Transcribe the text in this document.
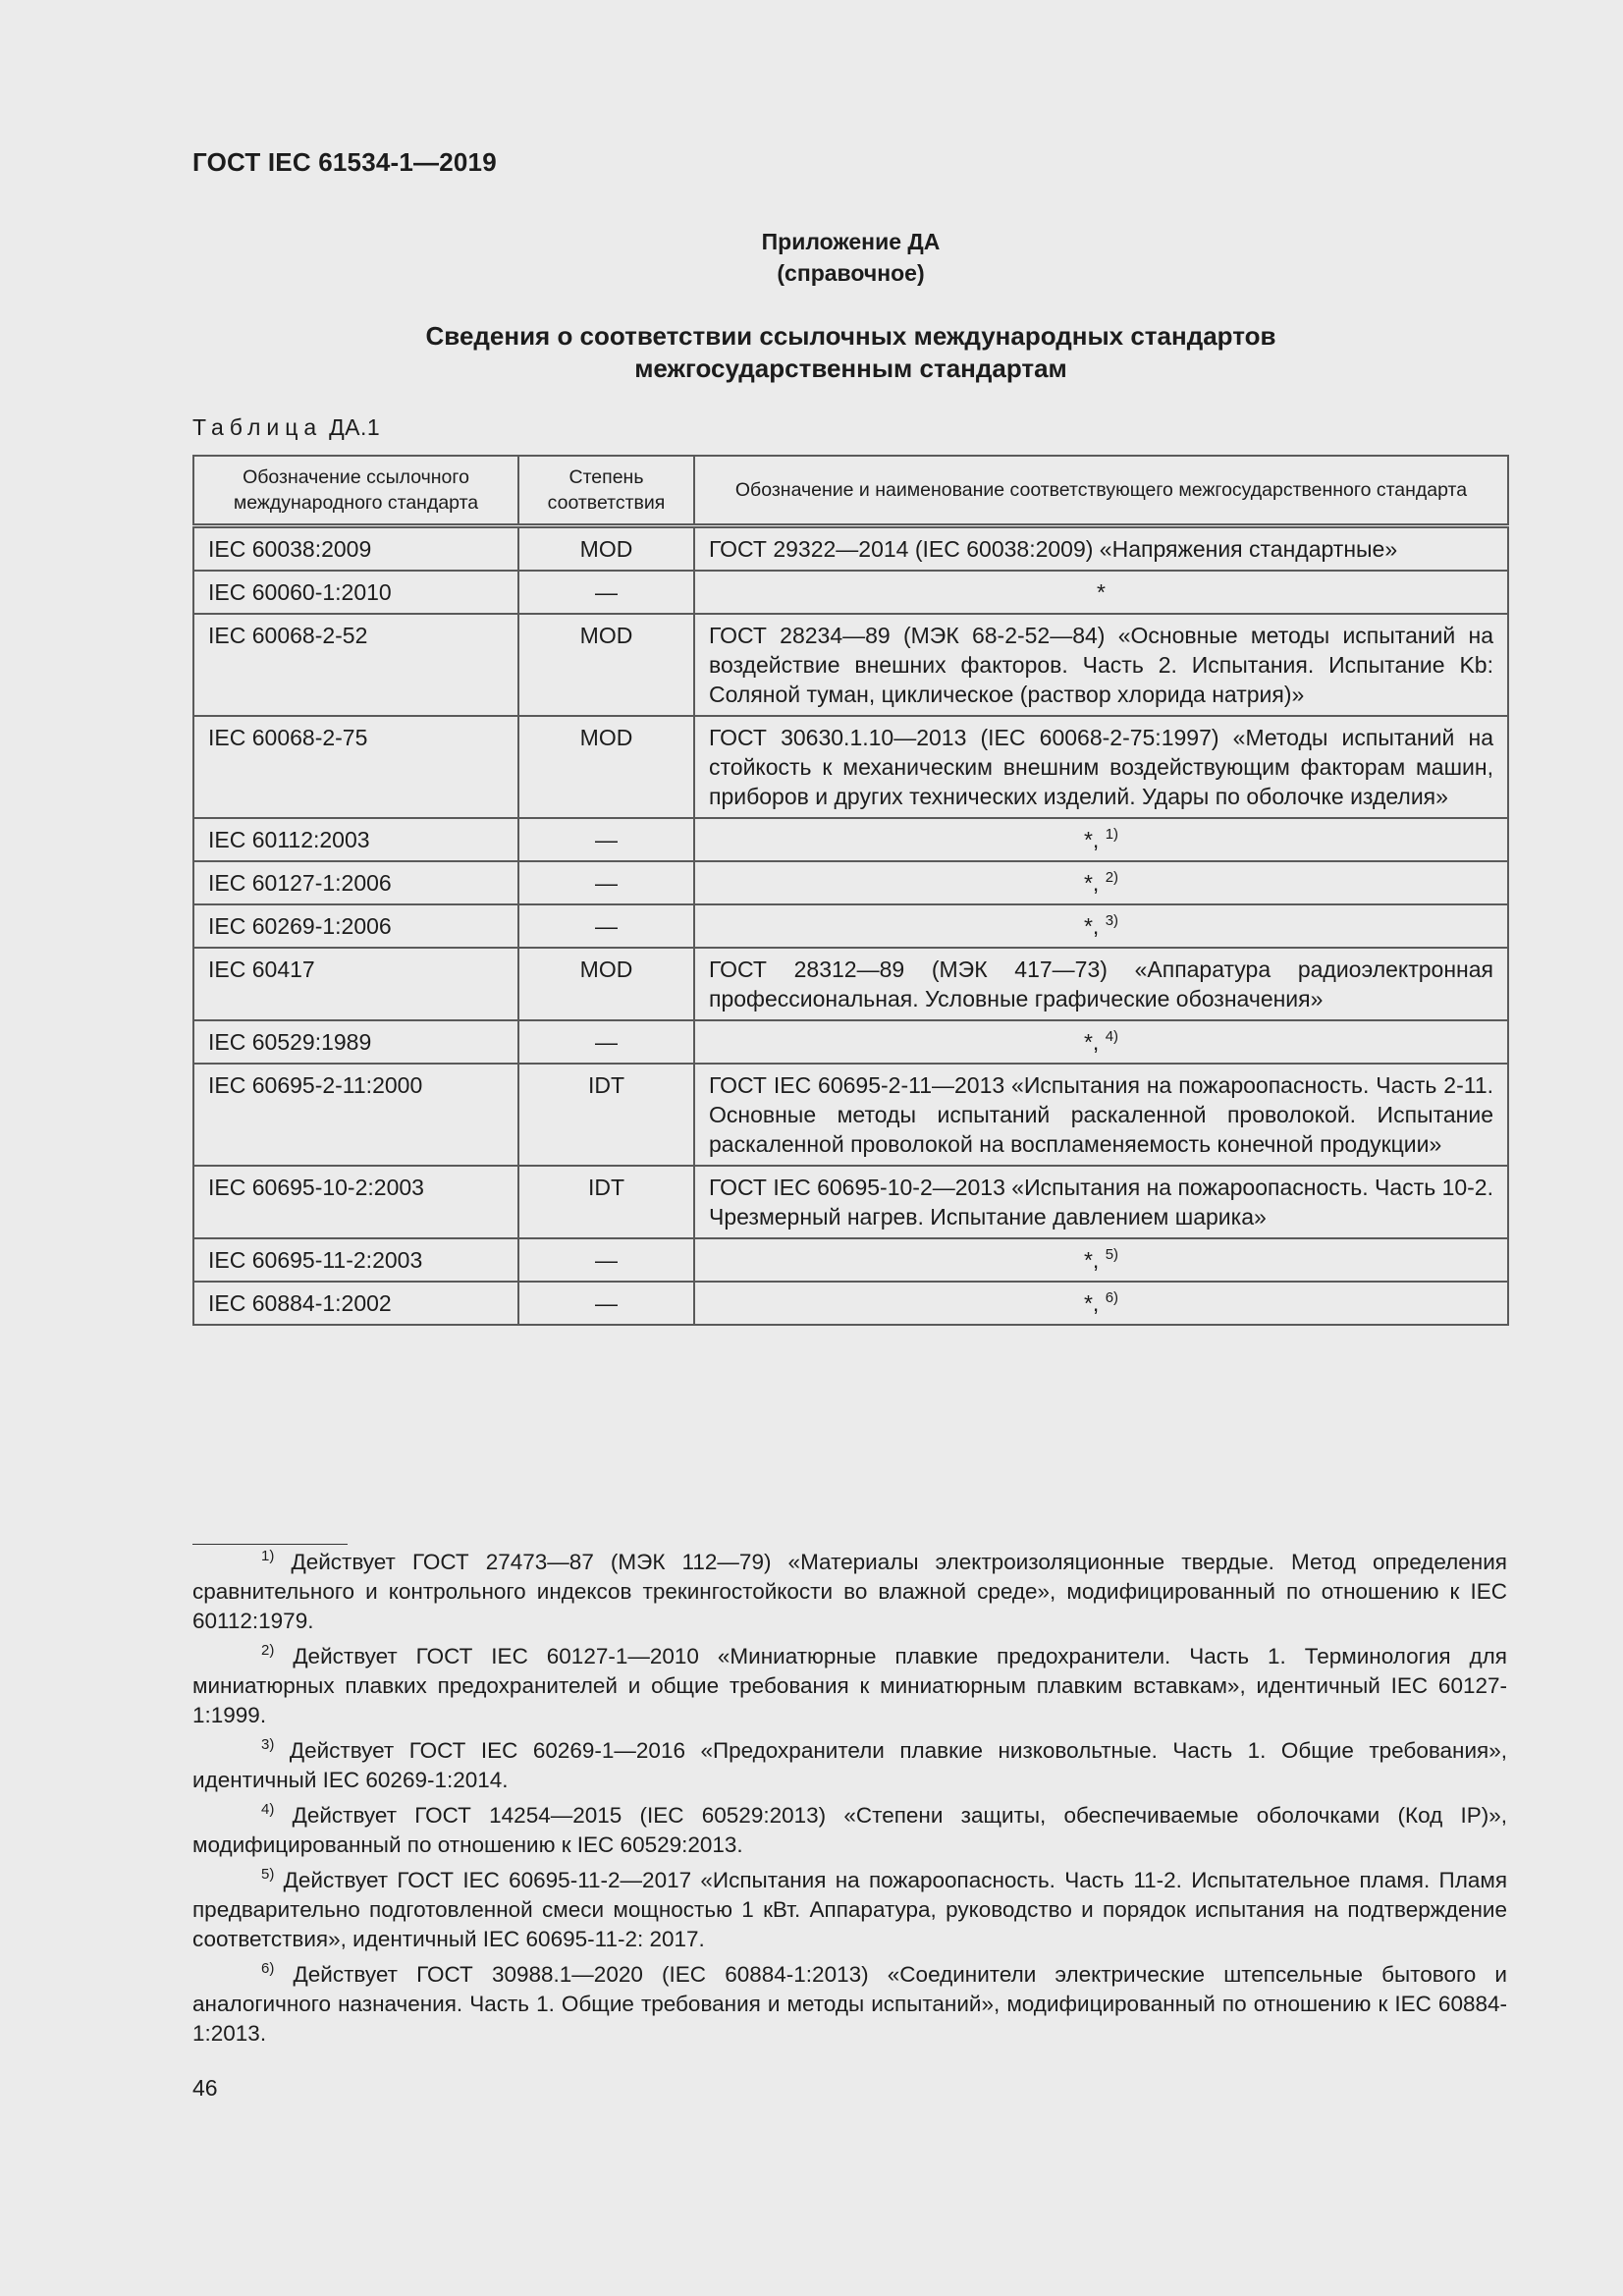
ГОСТ IEC 61534-1—2019
Приложение ДА
(справочное)
Сведения о соответствии ссылочных международных стандартов
межгосударственным стандартам
Таблица ДА.1
Обозначение ссылочного международного стандарта	Степень соответствия	Обозначение и наименование соответствующего межгосударственного стандарта
IEC 60038:2009	MOD	ГОСТ 29322—2014 (IEC 60038:2009) «Напряжения стандартные»
IEC 60060-1:2010	—	*
IEC 60068-2-52	MOD	ГОСТ 28234—89 (МЭК 68-2-52—84) «Основные методы испытаний на воздействие внешних факторов. Часть 2. Испытания. Испытание Kb: Соляной туман, циклическое (раствор хлорида натрия)»
IEC 60068-2-75	MOD	ГОСТ 30630.1.10—2013 (IEC 60068-2-75:1997) «Методы испытаний на стойкость к механическим внешним воздействующим факторам машин, приборов и других технических изделий. Удары по оболочке изделия»
IEC 60112:2003	—	*, $^{1)}$
IEC 60127-1:2006	—	*, $^{2)}$
IEC 60269-1:2006	—	*, $^{3)}$
IEC 60417	MOD	ГОСТ 28312—89 (МЭК 417—73) «Аппаратура радиоэлектронная профессиональная. Условные графические обозначения»
IEC 60529:1989	—	*, $^{4)}$
IEC 60695-2-11:2000	IDT	ГОСТ IEC 60695-2-11—2013 «Испытания на пожароопасность. Часть 2-11. Основные методы испытаний раскаленной проволокой. Испытание раскаленной проволокой на воспламеняемость конечной продукции»
IEC 60695-10-2:2003	IDT	ГОСТ IEC 60695-10-2—2013 «Испытания на пожароопасность. Часть 10-2. Чрезмерный нагрев. Испытание давлением шарика»
IEC 60695-11-2:2003	—	*, $^{5)}$
IEC 60884-1:2002	—	*, $^{6)}$

$^{1)}$ Действует ГОСТ 27473—87 (МЭК 112—79) «Материалы электроизоляционные твердые. Метод определения сравнительного и контрольного индексов трекингостойкости во влажной среде», модифицированный по отношению к IEC 60112:1979.

$^{2)}$ Действует ГОСТ IEC 60127-1—2010 «Миниатюрные плавкие предохранители. Часть 1. Терминология для миниатюрных плавких предохранителей и общие требования к миниатюрным плавким вставкам», идентичный IEC 60127-1:1999.

$^{3)}$ Действует ГОСТ IEC 60269-1—2016 «Предохранители плавкие низковольтные. Часть 1. Общие требования», идентичный IEC 60269-1:2014.

$^{4)}$ Действует ГОСТ 14254—2015 (IEC 60529:2013) «Степени защиты, обеспечиваемые оболочками (Код IP)», модифицированный по отношению к IEC 60529:2013.

$^{5)}$ Действует ГОСТ IEC 60695-11-2—2017 «Испытания на пожароопасность. Часть 11-2. Испытательное пламя. Пламя предварительно подготовленной смеси мощностью 1 кВт. Аппаратура, руководство и порядок испытания на подтверждение соответствия», идентичный IEC 60695-11-2: 2017.

$^{6)}$ Действует ГОСТ 30988.1—2020 (IEC 60884-1:2013) «Соединители электрические штепсельные бытового и аналогичного назначения. Часть 1. Общие требования и методы испытаний», модифицированный по отношению к IEC 60884-1:2013.

46
